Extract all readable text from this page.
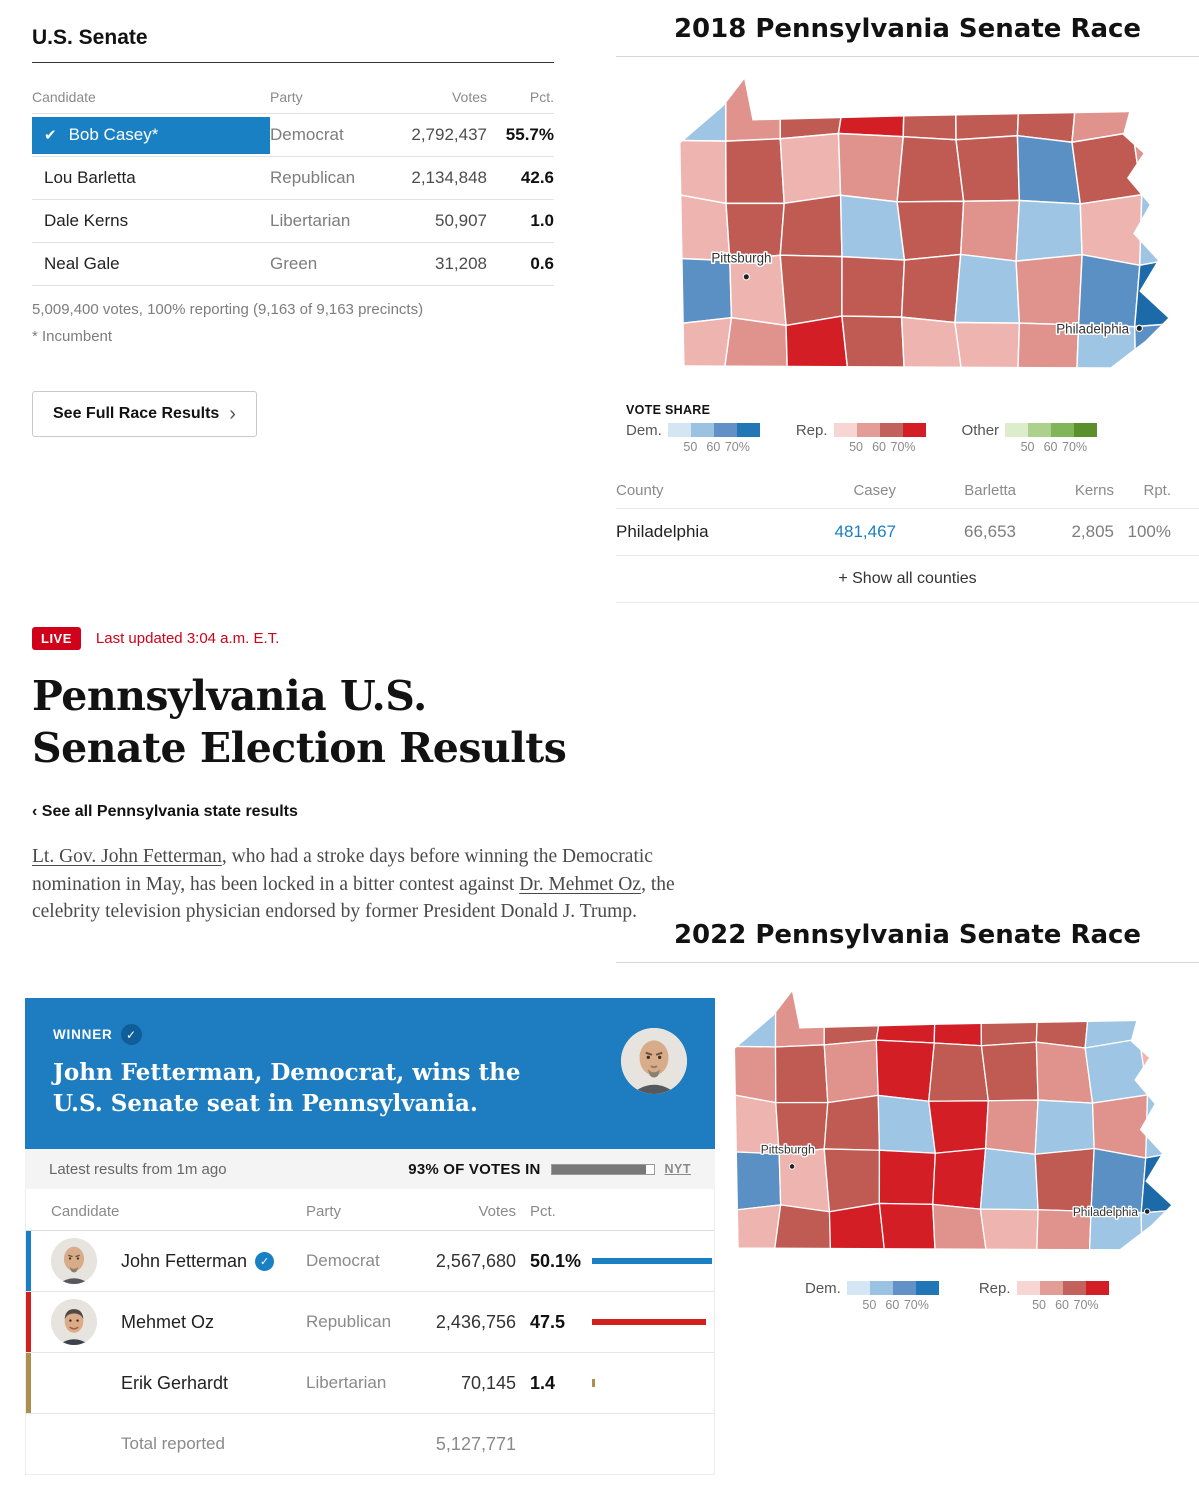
U.S. Senate
Candidate	Party	Votes	Pct.
✔ Bob Casey*	Democrat	2,792,437	55.7%
Lou Barletta	Republican	2,134,848	42.6
Dale Kerns	Libertarian	50,907	1.0
Neal Gale	Green	31,208	0.6

5,009,400 votes, 100% reporting (9,163 of 9,163 precincts)

* Incumbent

See Full Race Results ›
2018 Pennsylvania Senate Race
Pittsburgh
Philadelphia
VOTE SHARE
Dem.
50 60 70%
Rep.
50 60 70%
Other
50 60 70%
County	Casey	Barletta	Kerns	Rpt.
Philadelphia	481,467	66,653	2,805 100%
+ Show all counties
LIVE	Last updated 3:04 a.m. E.T.
Pennsylvania U.S. Senate Election Results
‹ See all Pennsylvania state results

Lt. Gov. John Fetterman, who had a stroke days before winning the Democratic nomination in May, has been locked in a bitter contest against Dr. Mehmet Oz, the celebrity television physician endorsed by former President Donald J. Trump.

2022 Pennsylvania Senate Race
WINNER	✓
John Fetterman, Democrat, wins the U.S. Senate seat in Pennsylvania.
Latest results from 1m ago	93% OF VOTES IN	NYT
Candidate	Party	Votes Pct.
John Fetterman	✓ Democrat	2,567,680 50.1%
Mehmet Oz	Republican	2,436,756 47.5
Erik Gerhardt	Libertarian	70,145 1.4
Total reported	5,127,771
Pittsburgh
Philadelphia
Dem.
50 60 70%
Rep.
50 60 70%
